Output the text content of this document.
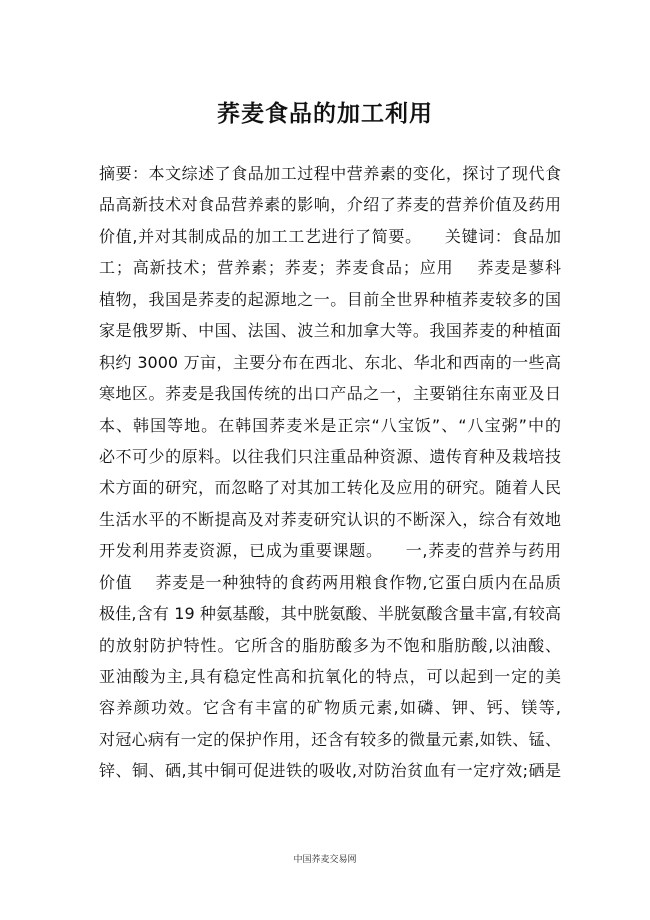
荞麦食品的加工利用
摘要：本文综述了食品加工过程中营养素的变化，探讨了现代食
品高新技术对食品营养素的影响，介绍了荞麦的营养价值及药用
价值,并对其制成品的加工工艺进行了简要。    关键词：食品加
工；高新技术；营养素；荞麦；荞麦食品；应用    荞麦是蓼科
植物，我国是荞麦的起源地之一。目前全世界种植荞麦较多的国
家是俄罗斯、中国、法国、波兰和加拿大等。我国荞麦的种植面
积约 3000 万亩，主要分布在西北、东北、华北和西南的一些高
寒地区。荞麦是我国传统的出口产品之一，主要销往东南亚及日
本、韩国等地。在韩国荞麦米是正宗“八宝饭”、“八宝粥”中的
必不可少的原料。以往我们只注重品种资源、遗传育种及栽培技
术方面的研究，而忽略了对其加工转化及应用的研究。随着人民
生活水平的不断提高及对荞麦研究认识的不断深入，综合有效地
开发利用荞麦资源，已成为重要课题。    一,荞麦的营养与药用
价值    荞麦是一种独特的食药两用粮食作物,它蛋白质内在品质
极佳,含有 19 种氨基酸，其中胱氨酸、半胱氨酸含量丰富,有较高
的放射防护特性。它所含的脂肪酸多为不饱和脂肪酸,以油酸、
亚油酸为主,具有稳定性高和抗氧化的特点，可以起到一定的美
容养颜功效。它含有丰富的矿物质元素,如磷、钾、钙、镁等,
对冠心病有一定的保护作用，还含有较多的微量元素,如铁、锰、
锌、铜、硒,其中铜可促进铁的吸收,对防治贫血有一定疗效;硒是
中国荞麦交易网
